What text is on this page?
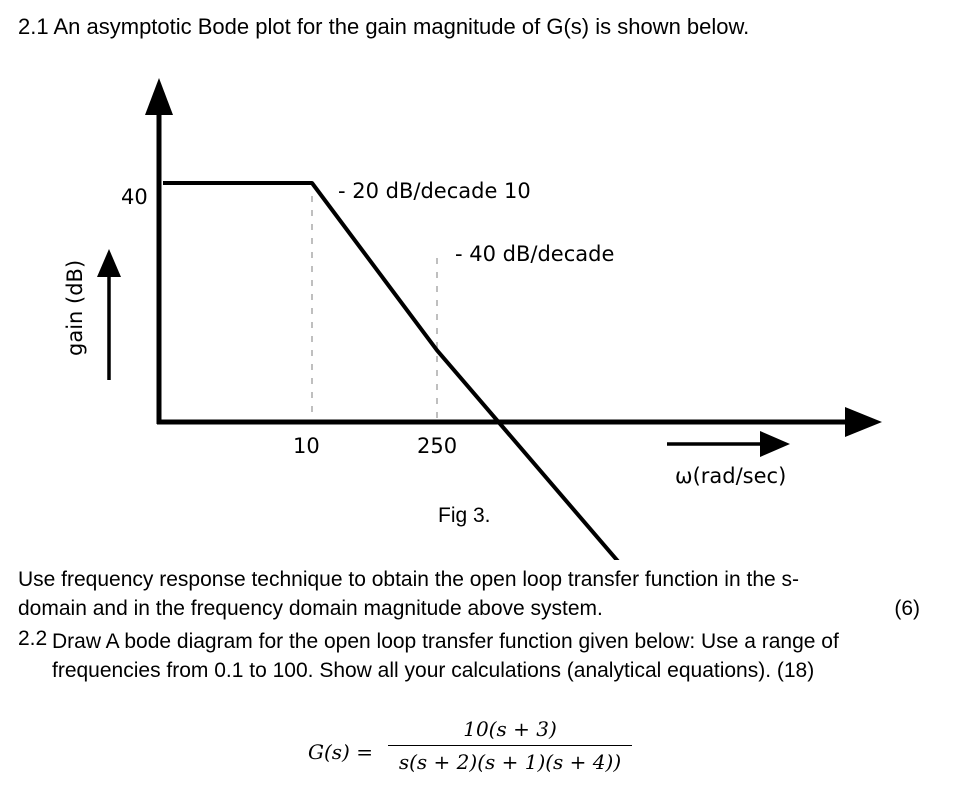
2.1 An asymptotic Bode plot for the gain magnitude of G(s) is shown below.
40
10	250
- 20 dB/decade 10
- 40 dB/decade
gain (dB)
ω(rad/sec)
Fig 3.
Use frequency response technique to obtain the open loop transfer function in the s-
domain and in the frequency domain magnitude above system.	(6)
2.2 Draw A bode diagram for the open loop transfer function given below: Use a range of frequencies from 0.1 to 100. Show all your calculations (analytical equations). (18)
G(s) =
10(s + 3)
s(s + 2)(s + 1)(s + 4))
